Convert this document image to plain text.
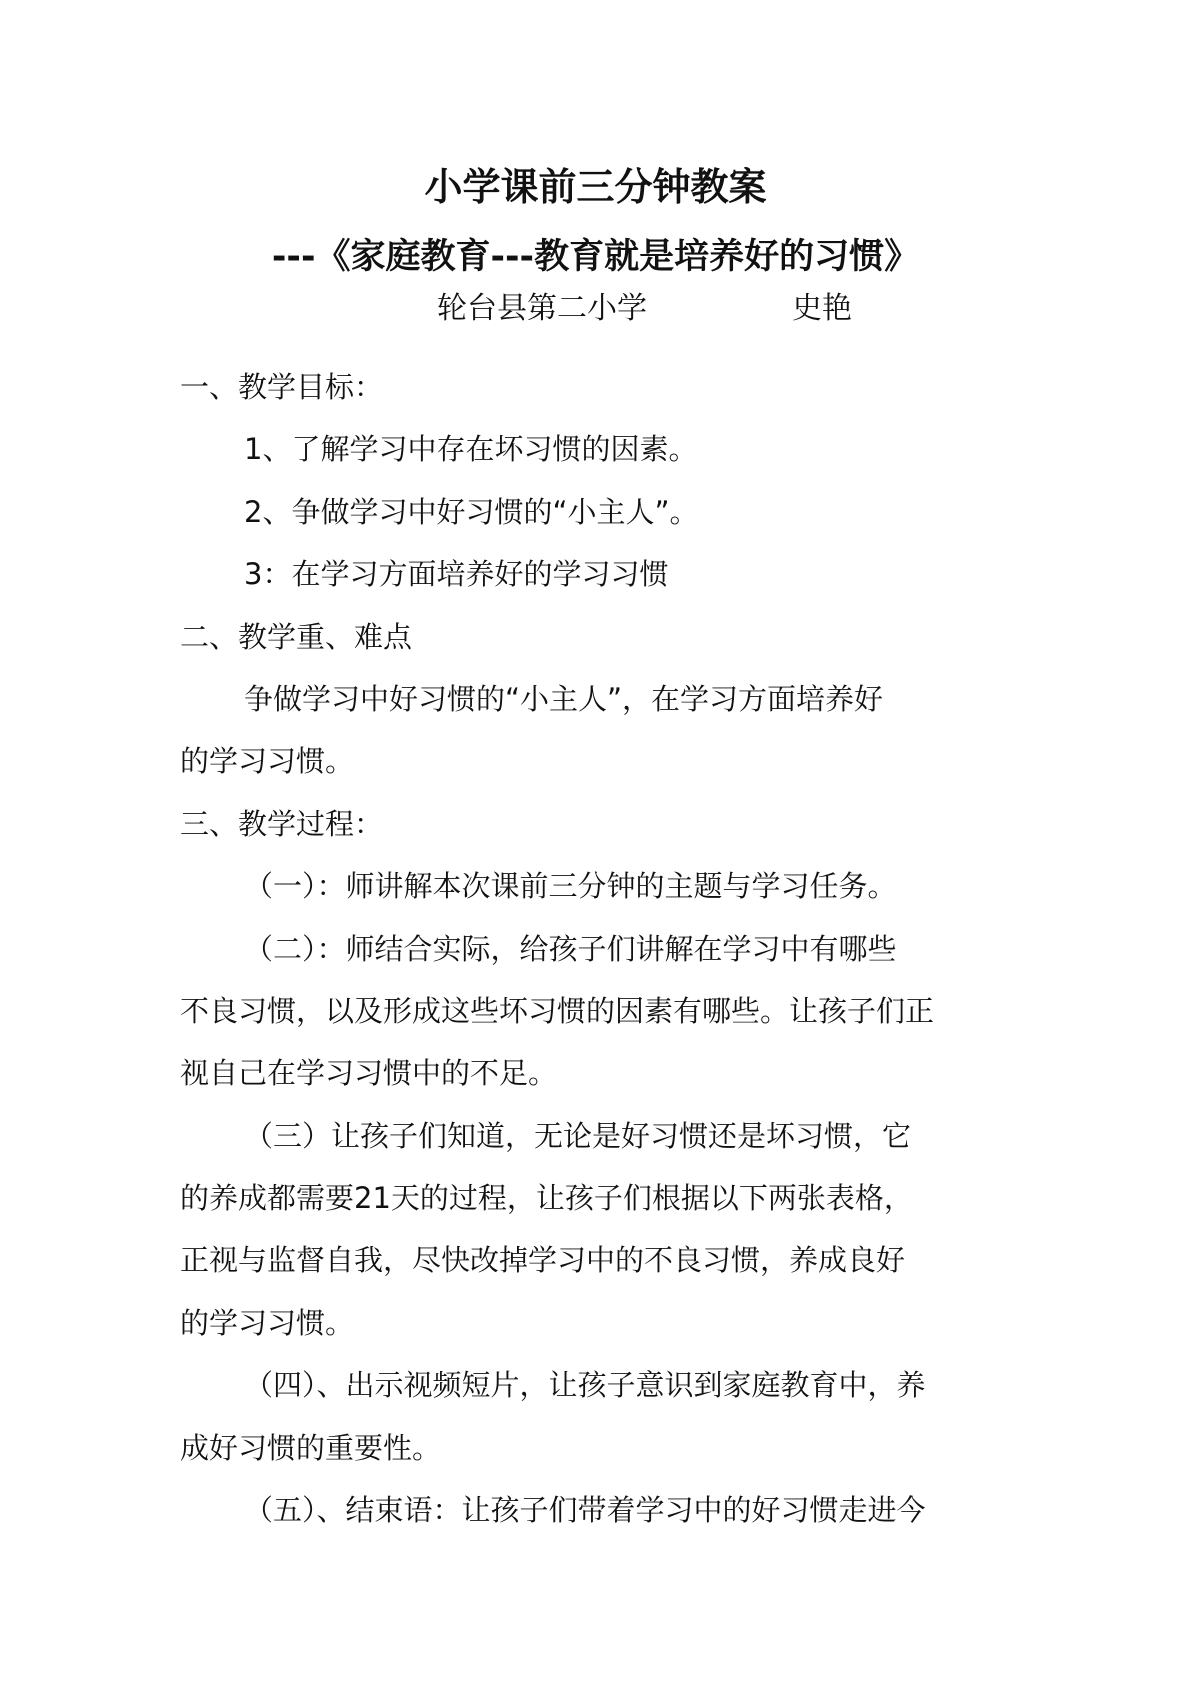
小学课前三分钟教案
---《家庭教育---教育就是培养好的习惯》
轮台县第二小学	史艳
一、教学目标：
1、了解学习中存在坏习惯的因素。
2、争做学习中好习惯的“小主人”。
3：在学习方面培养好的学习习惯
二、教学重、难点
争做学习中好习惯的“小主人”，在学习方面培养好
的学习习惯。
三、教学过程：
（一）：师讲解本次课前三分钟的主题与学习任务。
（二）：师结合实际，给孩子们讲解在学习中有哪些
不良习惯，以及形成这些坏习惯的因素有哪些。让孩子们正
视自己在学习习惯中的不足。
（三）让孩子们知道，无论是好习惯还是坏习惯，它
的养成都需要21天的过程，让孩子们根据以下两张表格，
正视与监督自我，尽快改掉学习中的不良习惯，养成良好
的学习习惯。
（四）、出示视频短片，让孩子意识到家庭教育中，养
成好习惯的重要性。
（五）、结束语：让孩子们带着学习中的好习惯走进今
